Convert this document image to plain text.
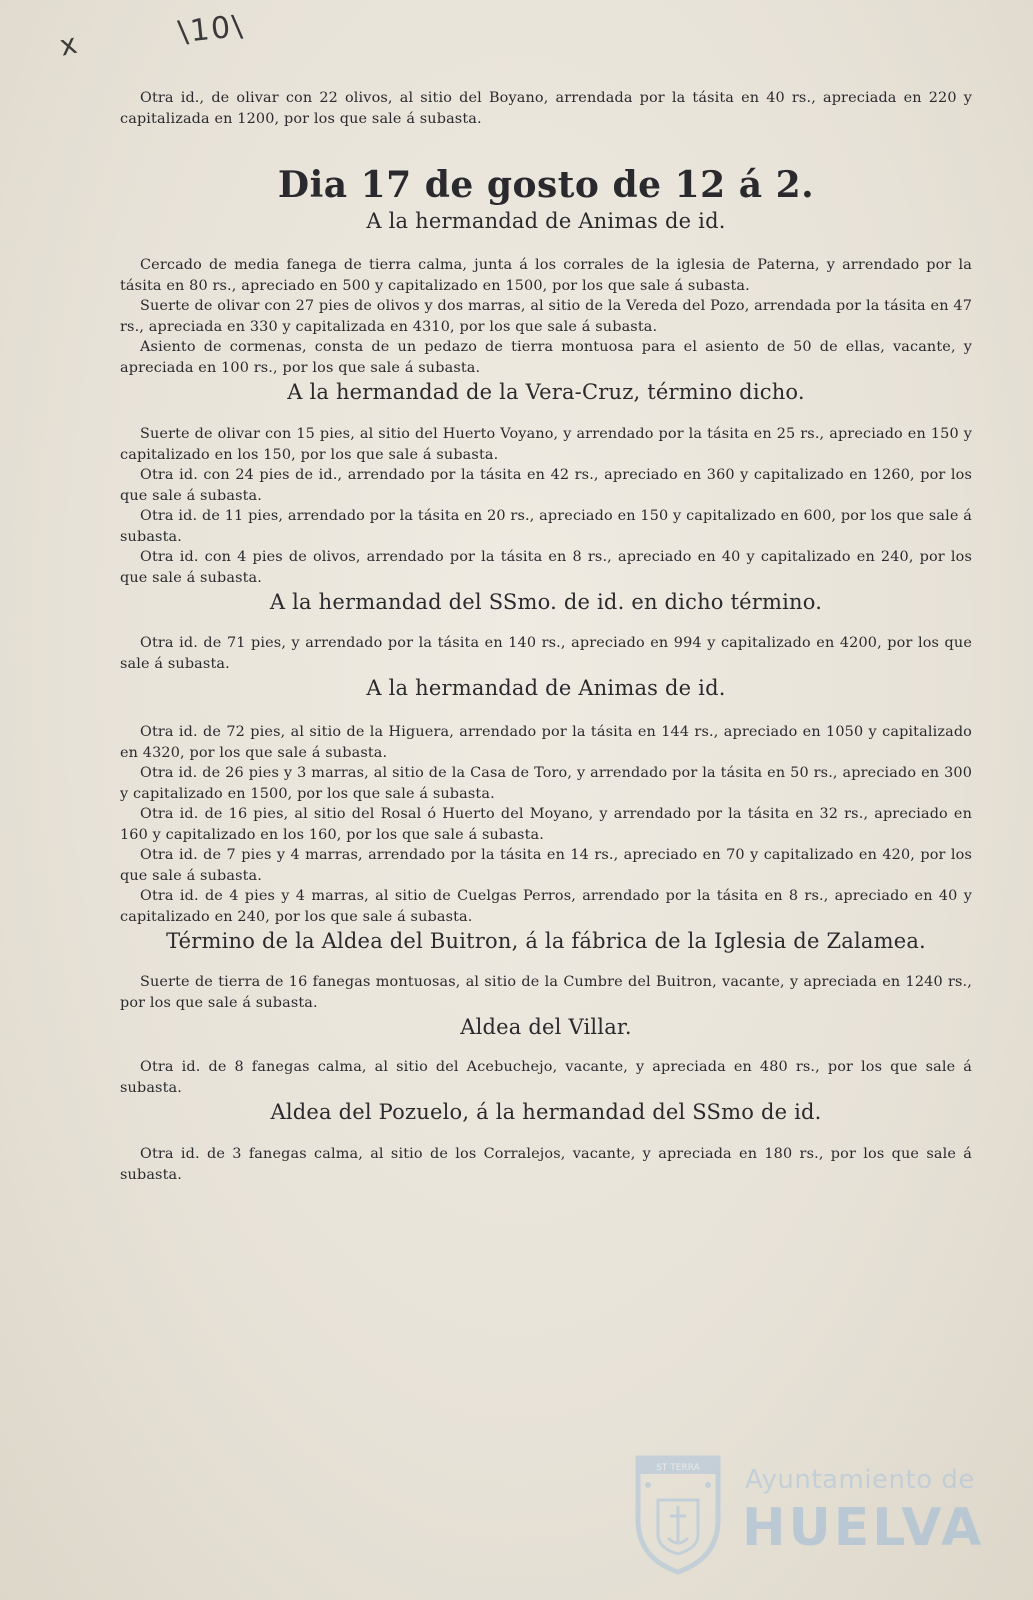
x	\10\

Otra id., de olivar con 22 olivos, al sitio del Boyano, arrendada por la tásita en 40 rs., apreciada en 220 y capitalizada en 1200, por los que sale á subasta.

Dia 17 de gosto de 12 á 2.
A la hermandad de Animas de id.

Cercado de media fanega de tierra calma, junta á los corrales de la iglesia de Paterna, y arrendado por la tásita en 80 rs., apreciado en 500 y capitalizado en 1500, por los que sale á subasta.

Suerte de olivar con 27 pies de olivos y dos marras, al sitio de la Vereda del Pozo, arrendada por la tásita en 47 rs., apreciada en 330 y capitalizada en 4310, por los que sale á subasta.

Asiento de cormenas, consta de un pedazo de tierra montuosa para el asiento de 50 de ellas, vacante, y apreciada en 100 rs., por los que sale á subasta.

A la hermandad de la Vera-Cruz, término dicho.

Suerte de olivar con 15 pies, al sitio del Huerto Voyano, y arrendado por la tásita en 25 rs., apreciado en 150 y capitalizado en los 150, por los que sale á subasta.

Otra id. con 24 pies de id., arrendado por la tásita en 42 rs., apreciado en 360 y capitalizado en 1260, por los que sale á subasta.

Otra id. de 11 pies, arrendado por la tásita en 20 rs., apreciado en 150 y capitalizado en 600, por los que sale á subasta.

Otra id. con 4 pies de olivos, arrendado por la tásita en 8 rs., apreciado en 40 y capitalizado en 240, por los que sale á subasta.

A la hermandad del SSmo. de id. en dicho término.

Otra id. de 71 pies, y arrendado por la tásita en 140 rs., apreciado en 994 y capitalizado en 4200, por los que sale á subasta.

A la hermandad de Animas de id.

Otra id. de 72 pies, al sitio de la Higuera, arrendado por la tásita en 144 rs., apreciado en 1050 y capitalizado en 4320, por los que sale á subasta.

Otra id. de 26 pies y 3 marras, al sitio de la Casa de Toro, y arrendado por la tásita en 50 rs., apreciado en 300 y capitalizado en 1500, por los que sale á subasta.

Otra id. de 16 pies, al sitio del Rosal ó Huerto del Moyano, y arrendado por la tásita en 32 rs., apreciado en 160 y capitalizado en los 160, por los que sale á subasta.

Otra id. de 7 pies y 4 marras, arrendado por la tásita en 14 rs., apreciado en 70 y capitalizado en 420, por los que sale á subasta.

Otra id. de 4 pies y 4 marras, al sitio de Cuelgas Perros, arrendado por la tásita en 8 rs., apreciado en 40 y capitalizado en 240, por los que sale á subasta.

Término de la Aldea del Buitron, á la fábrica de la Iglesia de Zalamea.

Suerte de tierra de 16 fanegas montuosas, al sitio de la Cumbre del Buitron, vacante, y apreciada en 1240 rs., por los que sale á subasta.

Aldea del Villar.

Otra id. de 8 fanegas calma, al sitio del Acebuchejo, vacante, y apreciada en 480 rs., por los que sale á subasta.

Aldea del Pozuelo, á la hermandad del SSmo de id.

Otra id. de 3 fanegas calma, al sitio de los Corralejos, vacante, y apreciada en 180 rs., por los que sale á subasta.

ST TERRA Ayuntamiento de
HUELVA
